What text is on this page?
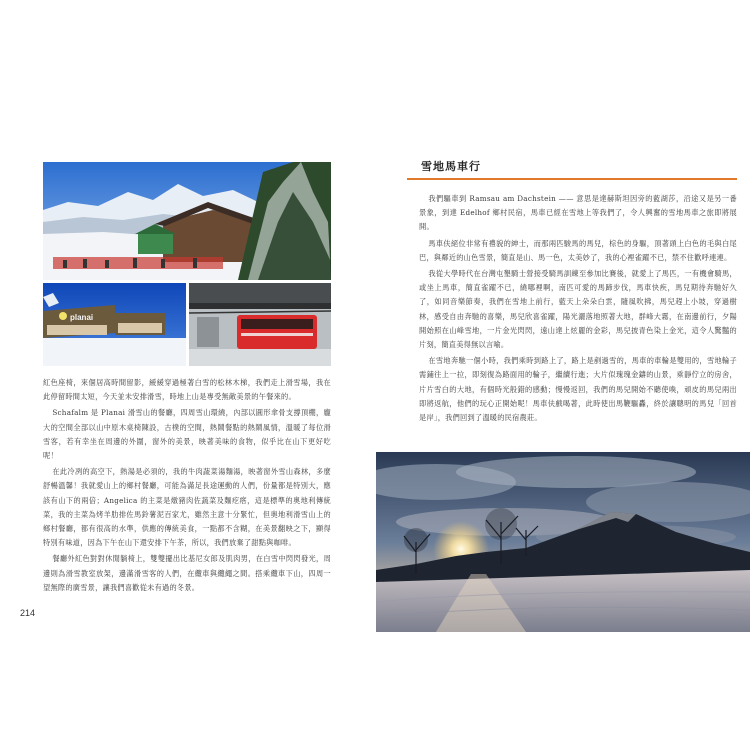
planai

紅色座椅，來個居高時間留影，緩緩穿過極著白雪的松林木梯，我們走上滑雪場，我在此停留時間太短，今天並未安排滑雪，時地上山是專受無敵美景的午餐來的。

Schafalm 是 Planai 滑雪山的餐廳，四周雪山環繞，內部以圓形傘骨支撐頂棚，龐大的空間全部以山中原木桌椅陳設，古樸的空間，熱鬧餐點的熱鬧風情，溫暖了每位滑雪客，若有幸坐在周邊的外圍，窗外的美景，映著美味的食物，似乎比在山下更好吃呢！

在此冷冽的高空下，熱湯是必須的，我的牛肉蔬菜湯麵湯，映著窗外雪山森林，多麼舒暢溫馨！我就愛山上的鄉村餐廳，可能為滿足長途運動的人們，份量都是特別大，應該有山下的兩倍；Angelica 的主菜是燉豬肉佐蔬菜及麵疙瘩，這是標準的奧地利傳統菜，我的主菜為烤羊肋排佐馬鈴薯泥百家尤，雖然主意十分緊忙，但奧地利滑雪山上的鄉村餐廳，都有很高的水準，供應的傳統美食，一點都不含糊，在美景翻映之下，顯得特別有味道，因為下午在山下還安排下午茶，所以，我們放棄了甜點與咖啡。

餐廳外紅色對對休閒躺椅上，雙雙擺出比基尼女郎及肌肉男，在白雪中閃閃發光，周邊則為滑雪教室放架，邊滿滑雪客的人們，在纜車與纜繩之間。搭乘纜車下山，四周一望無際的廣雪景，讓我們喜歡從未有過的冬景。

雪地馬車行

我們驅車到 Ramsau am Dachstein —— 意思是達赫斯坦因旁的藍湖莎，沿途又是另一番景象，到達 Edelhof 鄉村民宿，馬車已經在雪地上等我們了，令人興奮的雪地馬車之旅即將展開。

馬車伕絕位非常有禮貌的紳士，而那兩匹駿馬的馬兒，棕色的身驅，頂著頭上白色的毛與白尾巴，與鄰近的山色雪景，簡直是山、馬一色，太美妙了，我的心裡雀躍不已，禁不住歡呼連連。

我從大學時代在台灣屯墾騎士營接受騎馬訓練至參加比賽後，就愛上了馬匹，一有機會騎馬，或坐上馬車，簡直雀躍不已，繞哪裡啊，南匹可愛的馬蹄步伐，馬車快疾，馬兒期待奔馳好久了，如同音樂節奏，我們在雪地上前行，藍天上朵朵白雲，隨風吹拂，馬兒趕上小坡，穿過樹林，感受自由奔馳的喜樂，馬兒欣喜雀躍，陽光灑落地照著大地，群峰大霧，在南邊前行，夕陽開始照在山峰雪地，一片金光閃閃，遠山達上炫麗的金彩，馬兒披青色染上金光，這令人驚豔的片刻，簡直美得無以言喻。

在雪地奔馳一個小時，我們乘時到路上了，路上是剷過雪的，馬車的車輪是雙用的，雪地輪子需鋪往上一拉，即刻復為路面用的輪子，繼續行進；大片似瑰瑰金鑄的山景，乘靜佇立的房舍，片片雪白的大地，有個時光般錯的感動；慢慢返回，我們的馬兒開始不聽使喚，頑皮的馬兒兩出即將返航，他們的玩心正開始呢！馬車伕戲喝著，此時使出馬鞭驅轟，終於讓聰明的馬兒「回首是岸」，我們回到了溫暖的民宿農莊。

214
